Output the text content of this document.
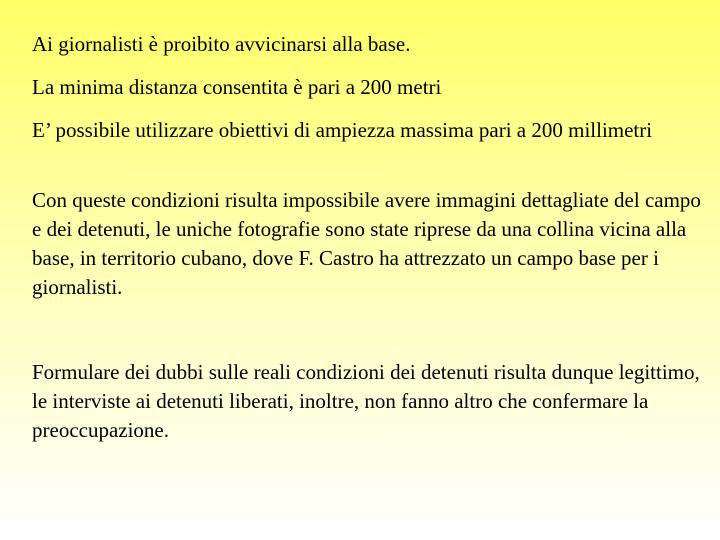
Ai giornalisti è proibito avvicinarsi alla base.

La minima distanza consentita è pari a 200 metri

E’ possibile utilizzare obiettivi di ampiezza massima pari a 200 millimetri

Con queste condizioni risulta impossibile avere immagini dettagliate del campo e dei detenuti, le uniche fotografie sono state riprese da una collina vicina alla base, in territorio cubano, dove F. Castro ha attrezzato un campo base per i giornalisti.

Formulare dei dubbi sulle reali condizioni dei detenuti risulta dunque legittimo, le interviste ai detenuti liberati, inoltre, non fanno altro che confermare la preoccupazione.
